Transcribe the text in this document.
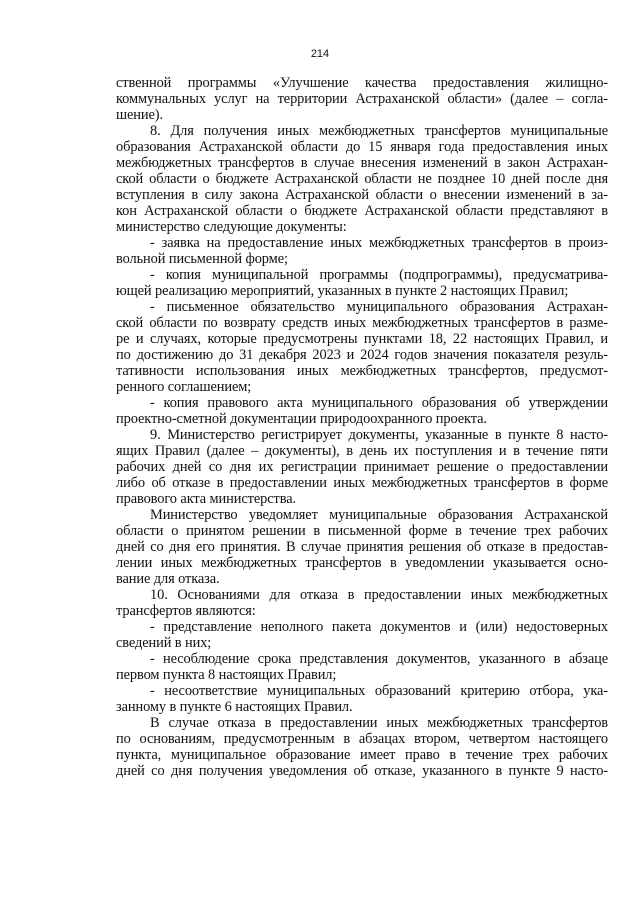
214
ственной программы «Улучшение качества предоставления жилищно-
коммунальных услуг на территории Астраханской области» (далее – согла-
шение).
8. Для получения иных межбюджетных трансфертов муниципальные
образования Астраханской области до 15 января года предоставления иных
межбюджетных трансфертов в случае внесения изменений в закон Астрахан-
ской области о бюджете Астраханской области не позднее 10 дней после дня
вступления в силу закона Астраханской области о внесении изменений в за-
кон Астраханской области о бюджете Астраханской области представляют в
министерство следующие документы:
- заявка на предоставление иных межбюджетных трансфертов в произ-
вольной письменной форме;
- копия муниципальной программы (подпрограммы), предусматрива-
ющей реализацию мероприятий, указанных в пункте 2 настоящих Правил;
- письменное обязательство муниципального образования Астрахан-
ской области по возврату средств иных межбюджетных трансфертов в разме-
ре и случаях, которые предусмотрены пунктами 18, 22 настоящих Правил, и
по достижению до 31 декабря 2023 и 2024 годов значения показателя резуль-
тативности использования иных межбюджетных трансфертов, предусмот-
ренного соглашением;
- копия правового акта муниципального образования об утверждении
проектно-сметной документации природоохранного проекта.
9. Министерство регистрирует документы, указанные в пункте 8 насто-
ящих Правил (далее – документы), в день их поступления и в течение пяти
рабочих дней со дня их регистрации принимает решение о предоставлении
либо об отказе в предоставлении иных межбюджетных трансфертов в форме
правового акта министерства.
Министерство уведомляет муниципальные образования Астраханской
области о принятом решении в письменной форме в течение трех рабочих
дней со дня его принятия. В случае принятия решения об отказе в предостав-
лении иных межбюджетных трансфертов в уведомлении указывается осно-
вание для отказа.
10. Основаниями для отказа в предоставлении иных межбюджетных
трансфертов являются:
- представление неполного пакета документов и (или) недостоверных
сведений в них;
- несоблюдение срока представления документов, указанного в абзаце
первом пункта 8 настоящих Правил;
- несоответствие муниципальных образований критерию отбора, ука-
занному в пункте 6 настоящих Правил.
В случае отказа в предоставлении иных межбюджетных трансфертов
по основаниям, предусмотренным в абзацах втором, четвертом настоящего
пункта, муниципальное образование имеет право в течение трех рабочих
дней со дня получения уведомления об отказе, указанного в пункте 9 насто-
